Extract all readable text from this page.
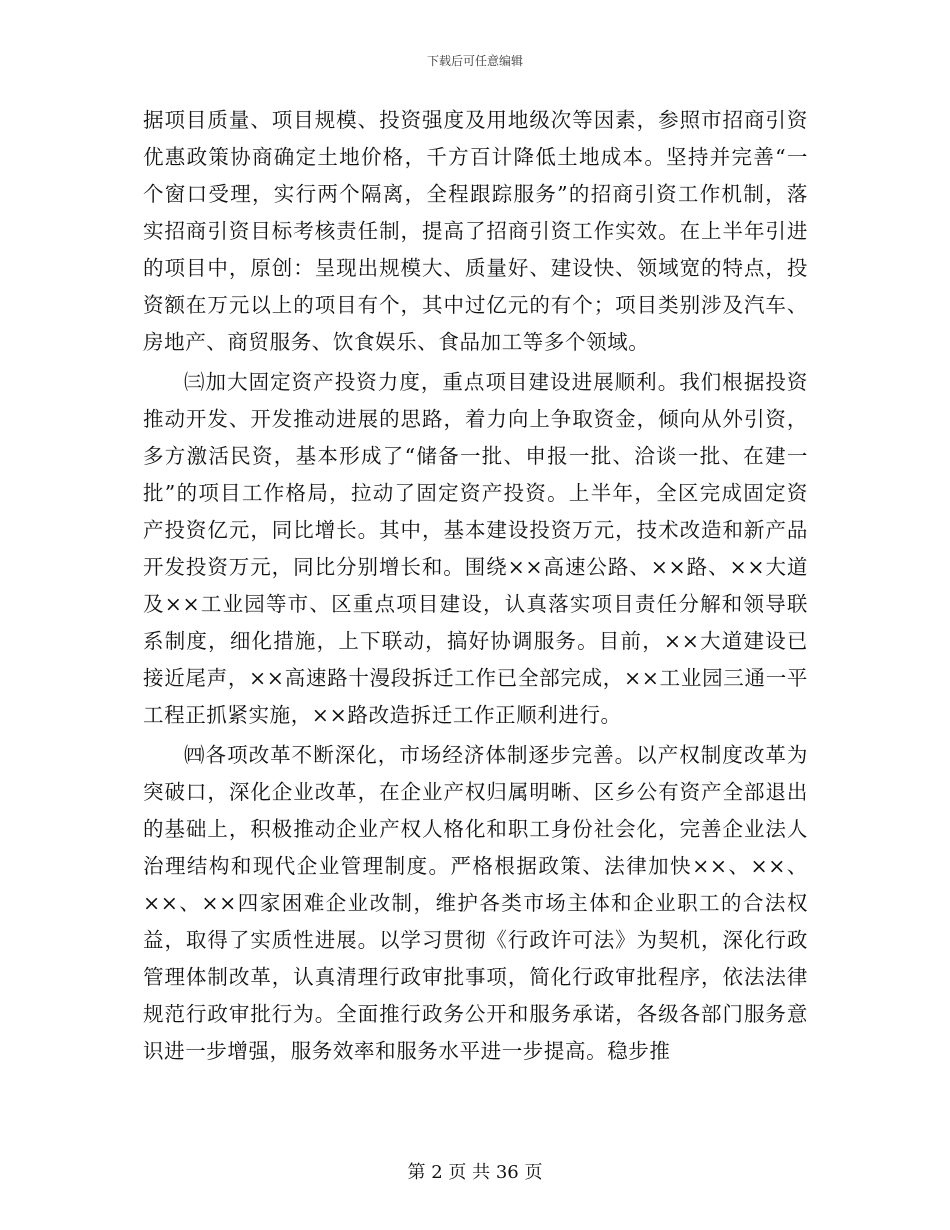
下载后可任意编辑

据项目质量、项目规模、投资强度及用地级次等因素，参照市招商引资优惠政策协商确定土地价格，千方百计降低土地成本。坚持并完善“一个窗口受理，实行两个隔离，全程跟踪服务”的招商引资工作机制，落实招商引资目标考核责任制，提高了招商引资工作实效。在上半年引进的项目中，原创：呈现出规模大、质量好、建设快、领域宽的特点，投资额在万元以上的项目有个，其中过亿元的有个；项目类别涉及汽车、房地产、商贸服务、饮食娱乐、食品加工等多个领域。

㈢加大固定资产投资力度，重点项目建设进展顺利。我们根据投资推动开发、开发推动进展的思路，着力向上争取资金，倾向从外引资，多方激活民资，基本形成了“储备一批、申报一批、洽谈一批、在建一批”的项目工作格局，拉动了固定资产投资。上半年，全区完成固定资产投资亿元，同比增长。其中，基本建设投资万元，技术改造和新产品开发投资万元，同比分别增长和。围绕××高速公路、××路、××大道及××工业园等市、区重点项目建设，认真落实项目责任分解和领导联系制度，细化措施，上下联动，搞好协调服务。目前，××大道建设已接近尾声，××高速路十漫段拆迁工作已全部完成，××工业园三通一平工程正抓紧实施，××路改造拆迁工作正顺利进行。

㈣各项改革不断深化，市场经济体制逐步完善。以产权制度改革为突破口，深化企业改革，在企业产权归属明晰、区乡公有资产全部退出的基础上，积极推动企业产权人格化和职工身份社会化，完善企业法人治理结构和现代企业管理制度。严格根据政策、法律加快××、××、××、××四家困难企业改制，维护各类市场主体和企业职工的合法权益，取得了实质性进展。以学习贯彻《行政许可法》为契机，深化行政管理体制改革，认真清理行政审批事项，简化行政审批程序，依法法律规范行政审批行为。全面推行政务公开和服务承诺，各级各部门服务意识进一步增强，服务效率和服务水平进一步提高。稳步推

第 2 页 共 36 页
